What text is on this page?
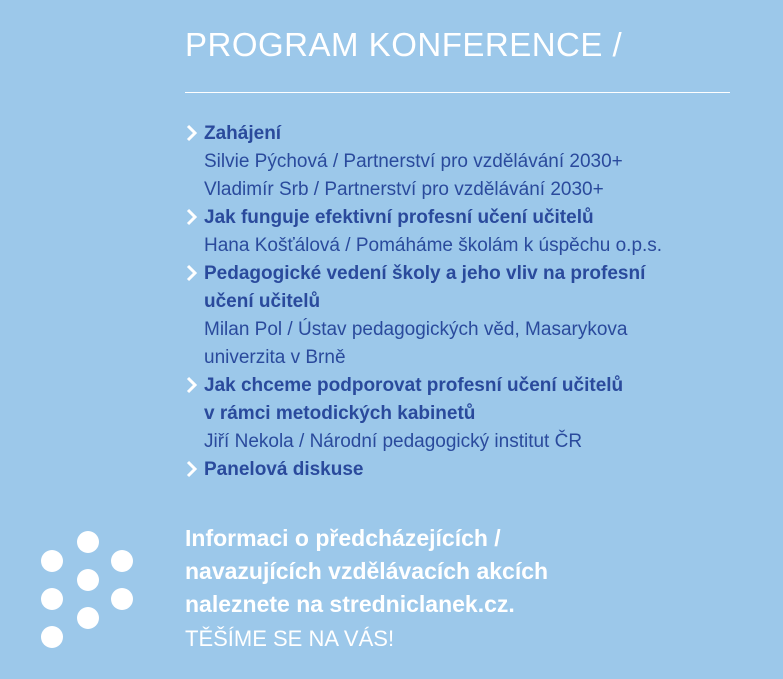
PROGRAM KONFERENCE /
Zahájení
Silvie Pýchová / Partnerství pro vzdělávání 2030+
Vladimír Srb / Partnerství pro vzdělávání 2030+
Jak funguje efektivní profesní učení učitelů
Hana Košťálová / Pomáháme školám k úspěchu o.p.s.
Pedagogické vedení školy a jeho vliv na profesní
učení učitelů
Milan Pol / Ústav pedagogických věd, Masarykova
univerzita v Brně
Jak chceme podporovat profesní učení učitelů
v rámci metodických kabinetů
Jiří Nekola / Národní pedagogický institut ČR
Panelová diskuse
Informaci o předcházejících /
navazujících vzdělávacích akcích
naleznete na stredniclanek.cz.
TĚŠÍME SE NA VÁS!
